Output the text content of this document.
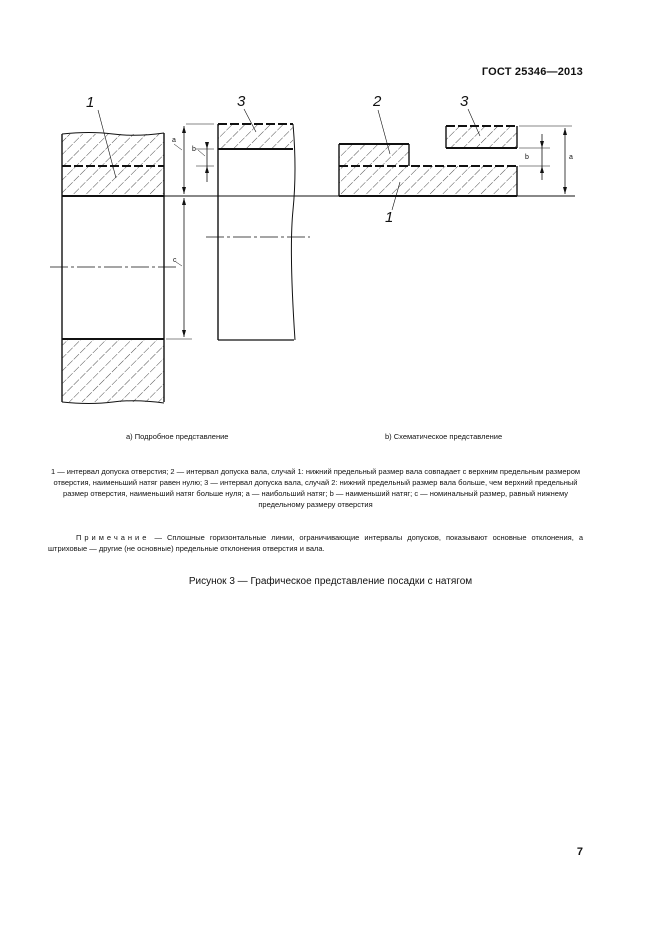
ГОСТ 25346—2013
1	3	2	3
1
a
b
c
b	a
a) Подробное представление	b) Схематическое представление
1 — интервал допуска отверстия; 2 — интервал допуска вала, случай 1: нижний предельный размер вала совпадает с верхним предельным размером отверстия, наименьший натяг равен нулю; 3 — интервал допуска вала, случай 2: нижний предельный размер вала больше, чем верхний предельный размер отверстия, наименьший натяг больше нуля; a — наибольший натяг; b — наименьший натяг; c — номинальный размер, равный нижнему предельному размеру отверстия
Примечание — Сплошные горизонтальные линии, ограничивающие интервалы допусков, показывают основные отклонения, а штриховые — другие (не основные) предельные отклонения отверстия и вала.
Рисунок 3 — Графическое представление посадки с натягом
7
